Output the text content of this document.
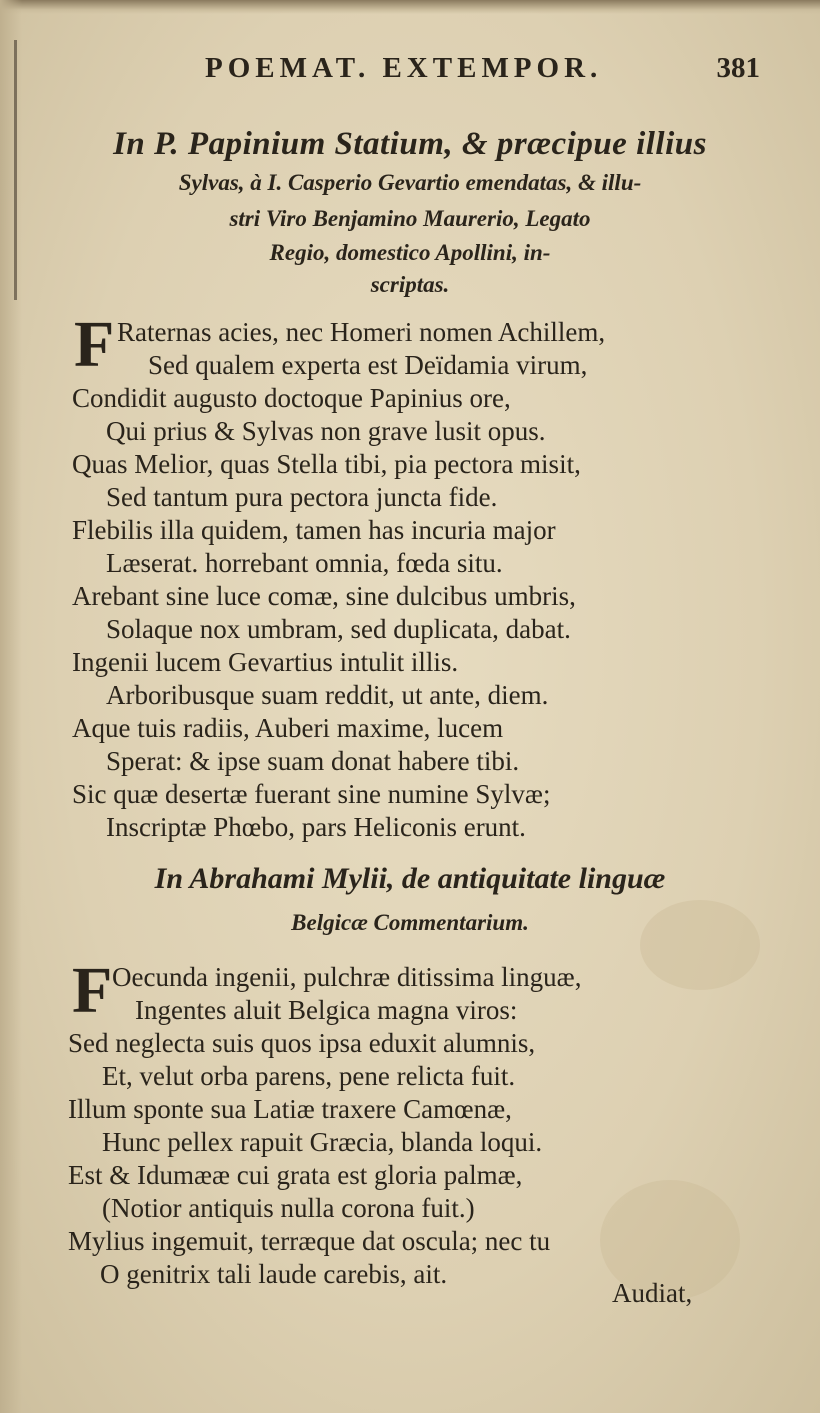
POEMAT. EXTEMPOR.	381
In P. Papinium Statium, & præcipue illius
Sylvas, à I. Casperio Gevartio emendatas, & illu-
stri Viro Benjamino Maurerio, Legato
Regio, domestico Apollini, in-
scriptas.
F Raternas acies, nec Homeri nomen Achillem,
Sed qualem experta est Deïdamia virum,
Condidit augusto doctoque Papinius ore,
Qui prius & Sylvas non grave lusit opus.
Quas Melior, quas Stella tibi, pia pectora misit,
Sed tantum pura pectora juncta fide.
Flebilis illa quidem, tamen has incuria major
Læserat. horrebant omnia, fœda situ.
Arebant sine luce comæ, sine dulcibus umbris,
Solaque nox umbram, sed duplicata, dabat.
Ingenii lucem Gevartius intulit illis.
Arboribusque suam reddit, ut ante, diem.
Aque tuis radiis, Auberi maxime, lucem
Sperat: & ipse suam donat habere tibi.
Sic quæ desertæ fuerant sine numine Sylvæ;
Inscriptæ Phœbo, pars Heliconis erunt.
In Abrahami Mylii, de antiquitate linguæ
Belgicæ Commentarium.
F Oecunda ingenii, pulchræ ditissima linguæ,
Ingentes aluit Belgica magna viros:
Sed neglecta suis quos ipsa eduxit alumnis,
Et, velut orba parens, pene relicta fuit.
Illum sponte sua Latiæ traxere Camœnæ,
Hunc pellex rapuit Græcia, blanda loqui.
Est & Idumææ cui grata est gloria palmæ,
(Notior antiquis nulla corona fuit.)
Mylius ingemuit, terræque dat oscula; nec tu
O genitrix tali laude carebis, ait.
Audiat,
